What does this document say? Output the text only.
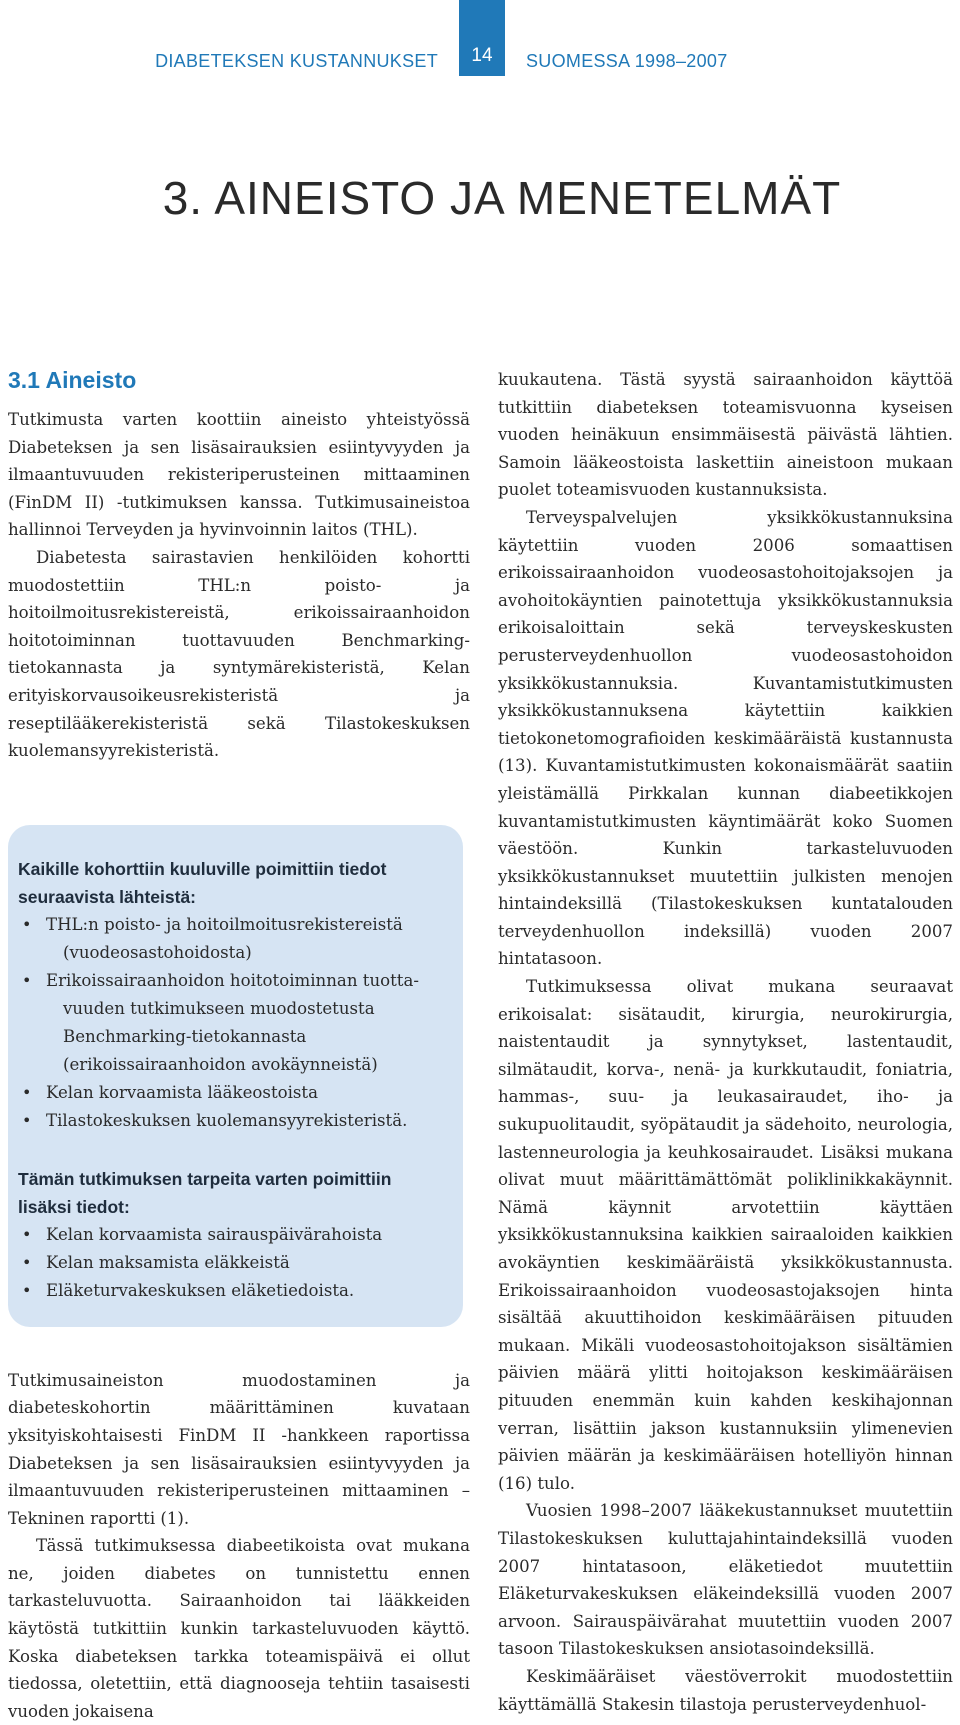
DIABETEKSEN KUSTANNUKSET	14	SUOMESSA 1998–2007
3. AINEISTO JA MENETELMÄT
3.1 Aineisto

Tutkimusta varten koottiin aineisto yhteistyössä Diabeteksen ja sen lisäsairauksien esiintyvyyden ja ilmaantuvuuden rekisteriperusteinen mittaaminen (FinDM II) -tutkimuksen kanssa. Tutkimusaineistoa hallinnoi Terveyden ja hyvinvoinnin laitos (THL).

Diabetesta sairastavien henkilöiden kohortti muodostettiin THL:n poisto- ja hoitoilmoitusrekistereistä, erikoissairaanhoidon hoitotoiminnan tuottavuuden Benchmarking-tietokannasta ja syntymärekisteristä, Kelan erityiskorvausoikeusrekisteristä ja reseptilääkerekisteristä sekä Tilastokeskuksen kuolemansyyrekisteristä.

Kaikille kohorttiin kuuluville poimittiin tiedot seuraavista lähteistä:

• THL:n poisto- ja hoitoilmoitusrekistereistä
(vuodeosastohoidosta)
• Erikoissairaanhoidon hoitotoiminnan tuotta-
vuuden tutkimukseen muodostetusta Benchmarking-tietokannasta (erikoissairaanhoidon avokäynneistä)
• Kelan korvaamista lääkeostoista
• Tilastokeskuksen kuolemansyyrekisteristä.

Tämän tutkimuksen tarpeita varten poimittiin lisäksi tiedot:

• Kelan korvaamista sairauspäivärahoista
• Kelan maksamista eläkkeistä
• Eläketurvakeskuksen eläketiedoista.

Tutkimusaineiston muodostaminen ja diabeteskohortin määrittäminen kuvataan yksityiskohtaisesti FinDM II -hankkeen raportissa Diabeteksen ja sen lisäsairauksien esiintyvyyden ja ilmaantuvuuden rekisteriperusteinen mittaaminen – Tekninen raportti (1).

Tässä tutkimuksessa diabeetikoista ovat mukana ne, joiden diabetes on tunnistettu ennen tarkasteluvuotta. Sairaanhoidon tai lääkkeiden käytöstä tutkittiin kunkin tarkasteluvuoden käyttö. Koska diabeteksen tarkka toteamispäivä ei ollut tiedossa, oletettiin, että diagnooseja tehtiin tasaisesti vuoden jokaisena

kuukautena. Tästä syystä sairaanhoidon käyttöä tutkittiin diabeteksen toteamisvuonna kyseisen vuoden heinäkuun ensimmäisestä päivästä lähtien. Samoin lääkeostoista laskettiin aineistoon mukaan puolet toteamisvuoden kustannuksista.

Terveyspalvelujen yksikkökustannuksina käytettiin vuoden 2006 somaattisen erikoissairaanhoidon vuodeosastohoitojaksojen ja avohoitokäyntien painotettuja yksikkökustannuksia erikoisaloittain sekä terveyskeskusten perusterveydenhuollon vuodeosastohoidon yksikkökustannuksia. Kuvantamistutkimusten yksikkökustannuksena käytettiin kaikkien tietokonetomografioiden keskimääräistä kustannusta (13). Kuvantamistutkimusten kokonaismäärät saatiin yleistämällä Pirkkalan kunnan diabeetikkojen kuvantamistutkimusten käyntimäärät koko Suomen väestöön. Kunkin tarkasteluvuoden yksikkökustannukset muutettiin julkisten menojen hintaindeksillä (Tilastokeskuksen kuntatalouden terveydenhuollon indeksillä) vuoden 2007 hintatasoon.

Tutkimuksessa olivat mukana seuraavat erikoisalat: sisätaudit, kirurgia, neurokirurgia, naistentaudit ja synnytykset, lastentaudit, silmätaudit, korva-, nenä- ja kurkkutaudit, foniatria, hammas-, suu- ja leukasairaudet, iho- ja sukupuolitaudit, syöpätaudit ja sädehoito, neurologia, lastenneurologia ja keuhkosairaudet. Lisäksi mukana olivat muut määrittämättömät poliklinikkakäynnit. Nämä käynnit arvotettiin käyttäen yksikkökustannuksina kaikkien sairaaloiden kaikkien avokäyntien keskimääräistä yksikkökustannusta. Erikoissairaanhoidon vuodeosastojaksojen hinta sisältää akuuttihoidon keskimääräisen pituuden mukaan. Mikäli vuodeosastohoitojakson sisältämien päivien määrä ylitti hoitojakson keskimääräisen pituuden enemmän kuin kahden keskihajonnan verran, lisättiin jakson kustannuksiin ylimenevien päivien määrän ja keskimääräisen hotelliyön hinnan (16) tulo.

Vuosien 1998–2007 lääkekustannukset muutettiin Tilastokeskuksen kuluttajahintaindeksillä vuoden 2007 hintatasoon, eläketiedot muutettiin Eläketurvakeskuksen eläkeindeksillä vuoden 2007 arvoon. Sairauspäivärahat muutettiin vuoden 2007 tasoon Tilastokeskuksen ansiotasoindeksillä.

Keskimääräiset väestöverrokit muodostettiin käyttämällä Stakesin tilastoja perusterveydenhuol-
